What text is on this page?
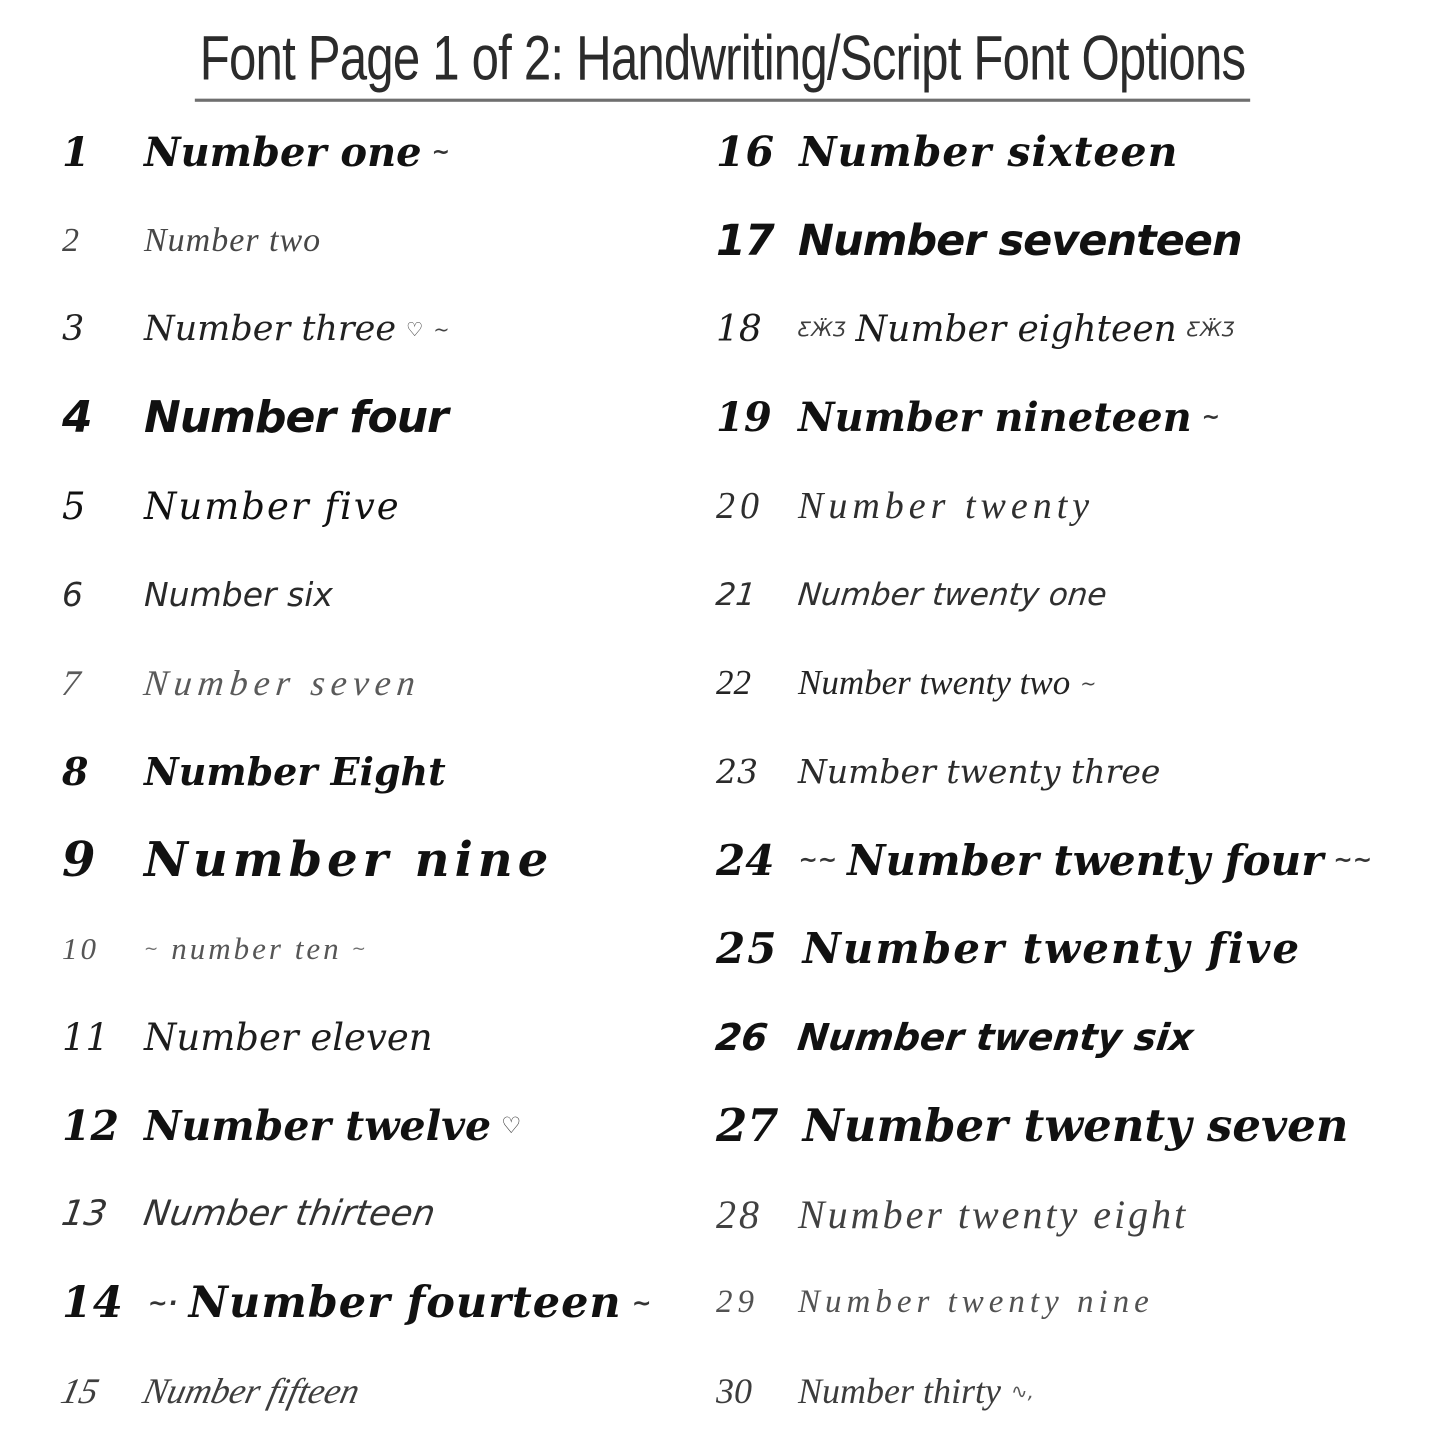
Font Page 1 of 2: Handwriting/Script Font Options
1	Number one ~
2	Number two
3	Number three ♡ ~
4	Number four
5	Number five
6	Number six
7	Number seven
8	Number Eight
9 Number nine
10	~ number ten ~
11 Number eleven
12 Number twelve ♡
13 Number thirteen
14 ~· Number fourteen ~
15	Number fifteen
16 Number sixteen
17 Number seventeen
18	ƸӜƷ Number eighteen ƸӜƷ
19 Number nineteen ~
20 Number twenty
21	Number twenty one
22	Number twenty two ~
23	Number twenty three
24 ~~ Number twenty four ~~
25 Number twenty five
26 Number twenty six
27 Number twenty seven
28 Number twenty eight
29	Number twenty nine
30	Number thirty ∿,
